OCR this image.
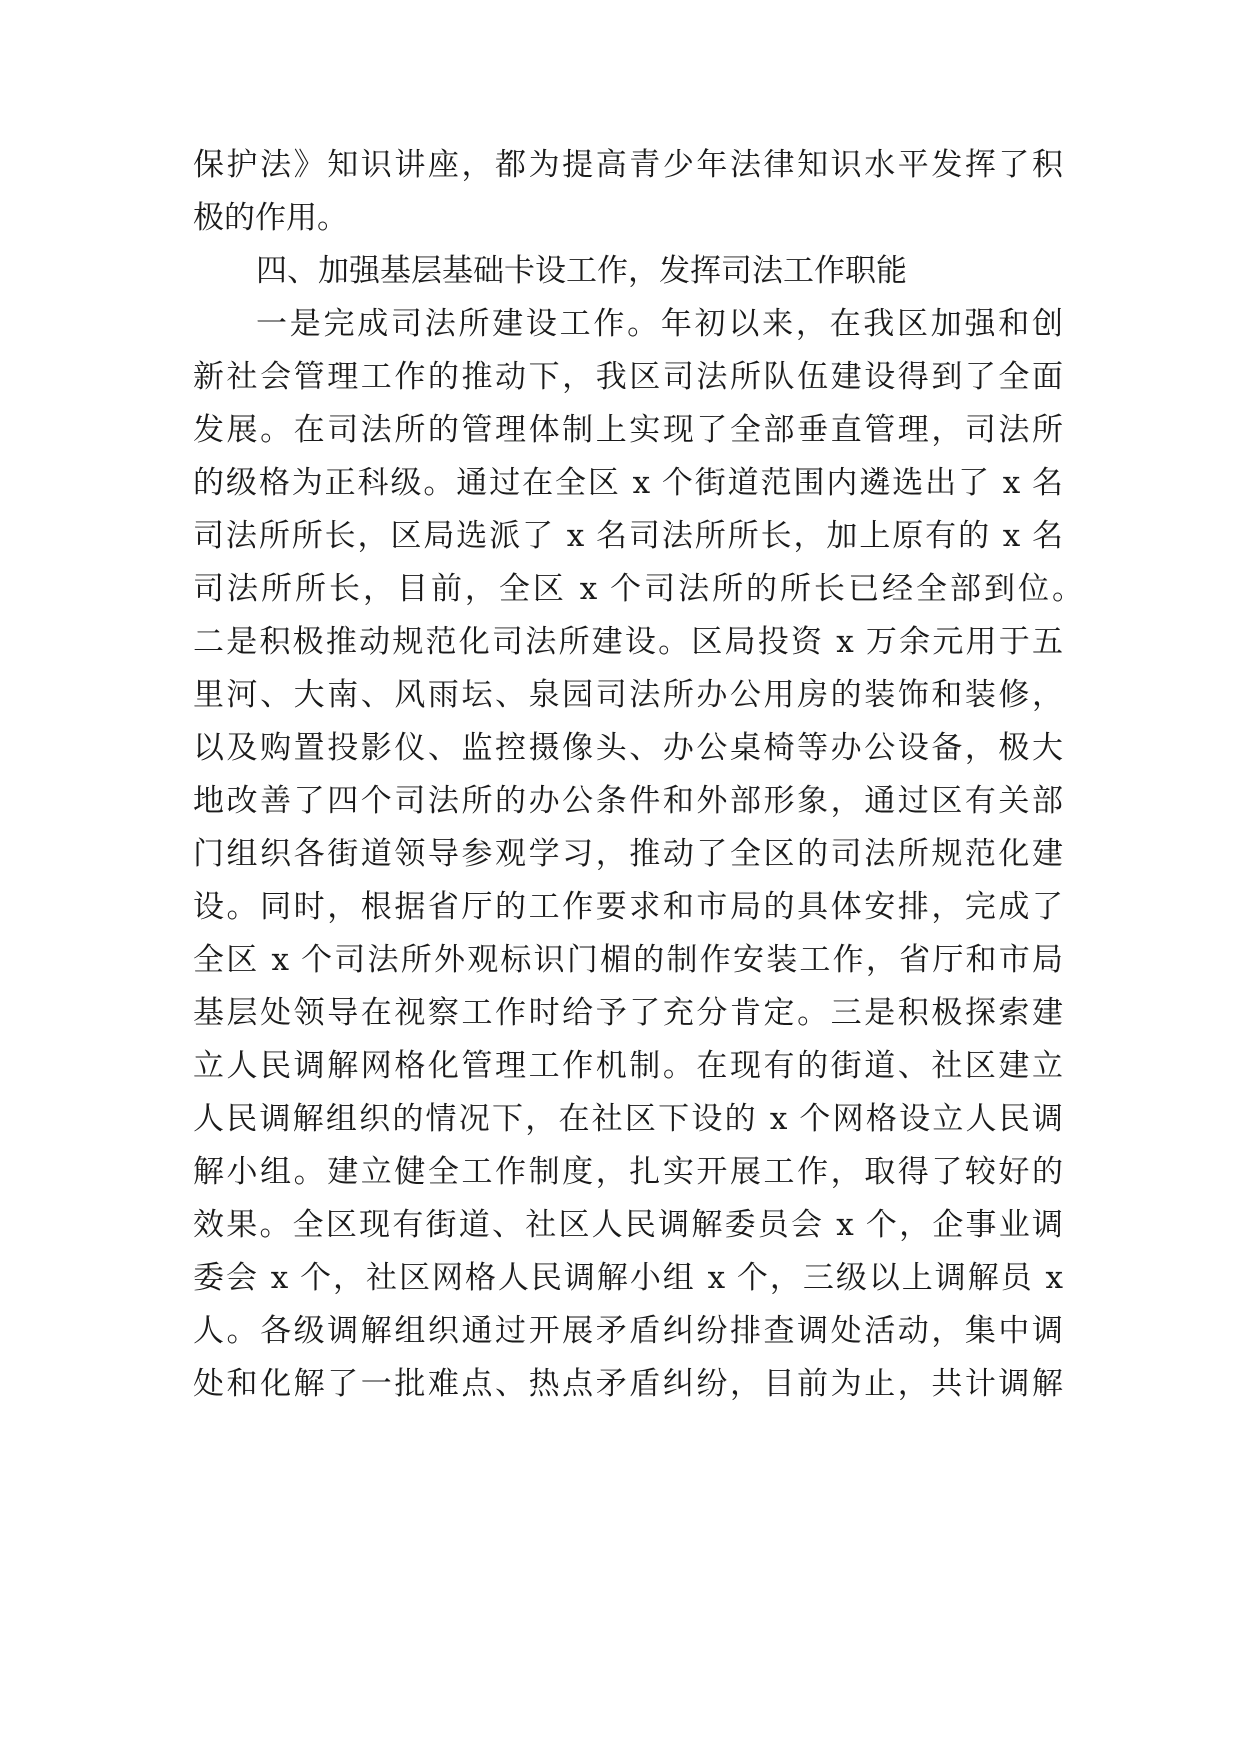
保护法》知识讲座，都为提高青少年法律知识水平发挥了积
极的作用。
四、加强基层基础卡设工作，发挥司法工作职能
一是完成司法所建设工作。年初以来，在我区加强和创
新社会管理工作的推动下，我区司法所队伍建设得到了全面
发展。在司法所的管理体制上实现了全部垂直管理，司法所
的级格为正科级。通过在全区 x 个街道范围内遴选出了 x 名
司法所所长，区局选派了 x 名司法所所长，加上原有的 x 名
司法所所长，目前，全区 x 个司法所的所长已经全部到位。
二是积极推动规范化司法所建设。区局投资 x 万余元用于五
里河、大南、风雨坛、泉园司法所办公用房的装饰和装修，
以及购置投影仪、监控摄像头、办公桌椅等办公设备，极大
地改善了四个司法所的办公条件和外部形象，通过区有关部
门组织各街道领导参观学习，推动了全区的司法所规范化建
设。同时，根据省厅的工作要求和市局的具体安排，完成了
全区 x 个司法所外观标识门楣的制作安装工作，省厅和市局
基层处领导在视察工作时给予了充分肯定。三是积极探索建
立人民调解网格化管理工作机制。在现有的街道、社区建立
人民调解组织的情况下，在社区下设的 x 个网格设立人民调
解小组。建立健全工作制度，扎实开展工作，取得了较好的
效果。全区现有街道、社区人民调解委员会 x 个，企事业调
委会 x 个，社区网格人民调解小组 x 个，三级以上调解员 x
人。各级调解组织通过开展矛盾纠纷排查调处活动，集中调
处和化解了一批难点、热点矛盾纠纷，目前为止，共计调解
